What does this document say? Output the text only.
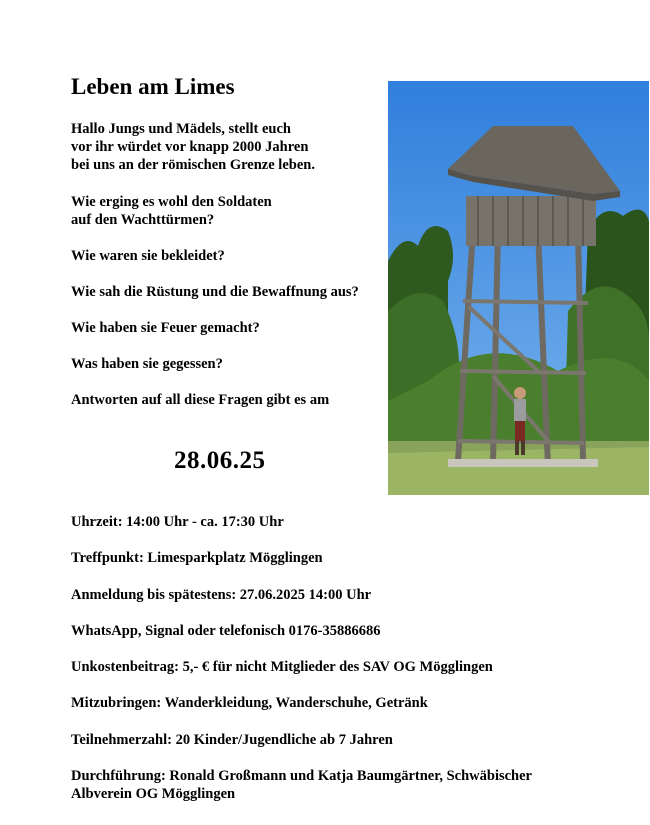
Leben am Limes
Hallo Jungs und Mädels, stellt euch
vor ihr würdet vor knapp 2000 Jahren
bei uns an der römischen Grenze leben.
Wie erging es wohl den Soldaten
auf den Wachttürmen?
Wie waren sie bekleidet?
Wie sah die Rüstung und die Bewaffnung aus?
Wie haben sie Feuer gemacht?
Was haben sie gegessen?
Antworten auf all diese Fragen gibt es am
28.06.25
Uhrzeit: 14:00 Uhr - ca. 17:30 Uhr
Treffpunkt: Limesparkplatz Mögglingen
Anmeldung bis spätestens: 27.06.2025 14:00 Uhr
WhatsApp, Signal oder telefonisch 0176-35886686
Unkostenbeitrag: 5,- € für nicht Mitglieder des SAV OG Mögglingen
Mitzubringen: Wanderkleidung, Wanderschuhe, Getränk
Teilnehmerzahl: 20 Kinder/Jugendliche ab 7 Jahren
Durchführung: Ronald Großmann und Katja Baumgärtner, Schwäbischer
Albverein OG Mögglingen
